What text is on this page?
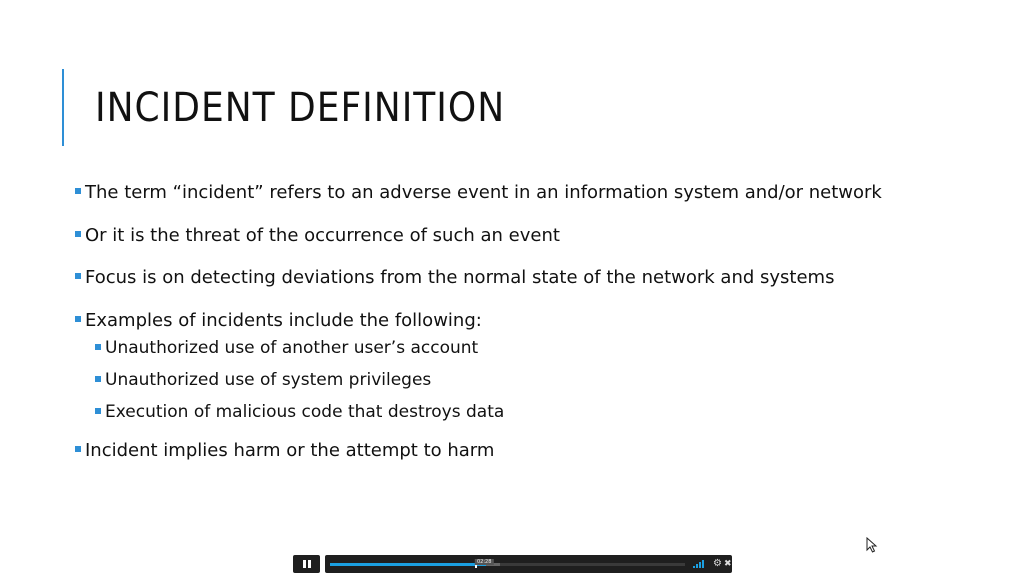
INCIDENT DEFINITION
The term “incident” refers to an adverse event in an information system and/or network
Or it is the threat of the occurrence of such an event
Focus is on detecting deviations from the normal state of the network and systems
Examples of incidents include the following:
Unauthorized use of another user’s account
Unauthorized use of system privileges
Execution of malicious code that destroys data
Incident implies harm or the attempt to harm
02:28	⚙ ✖
